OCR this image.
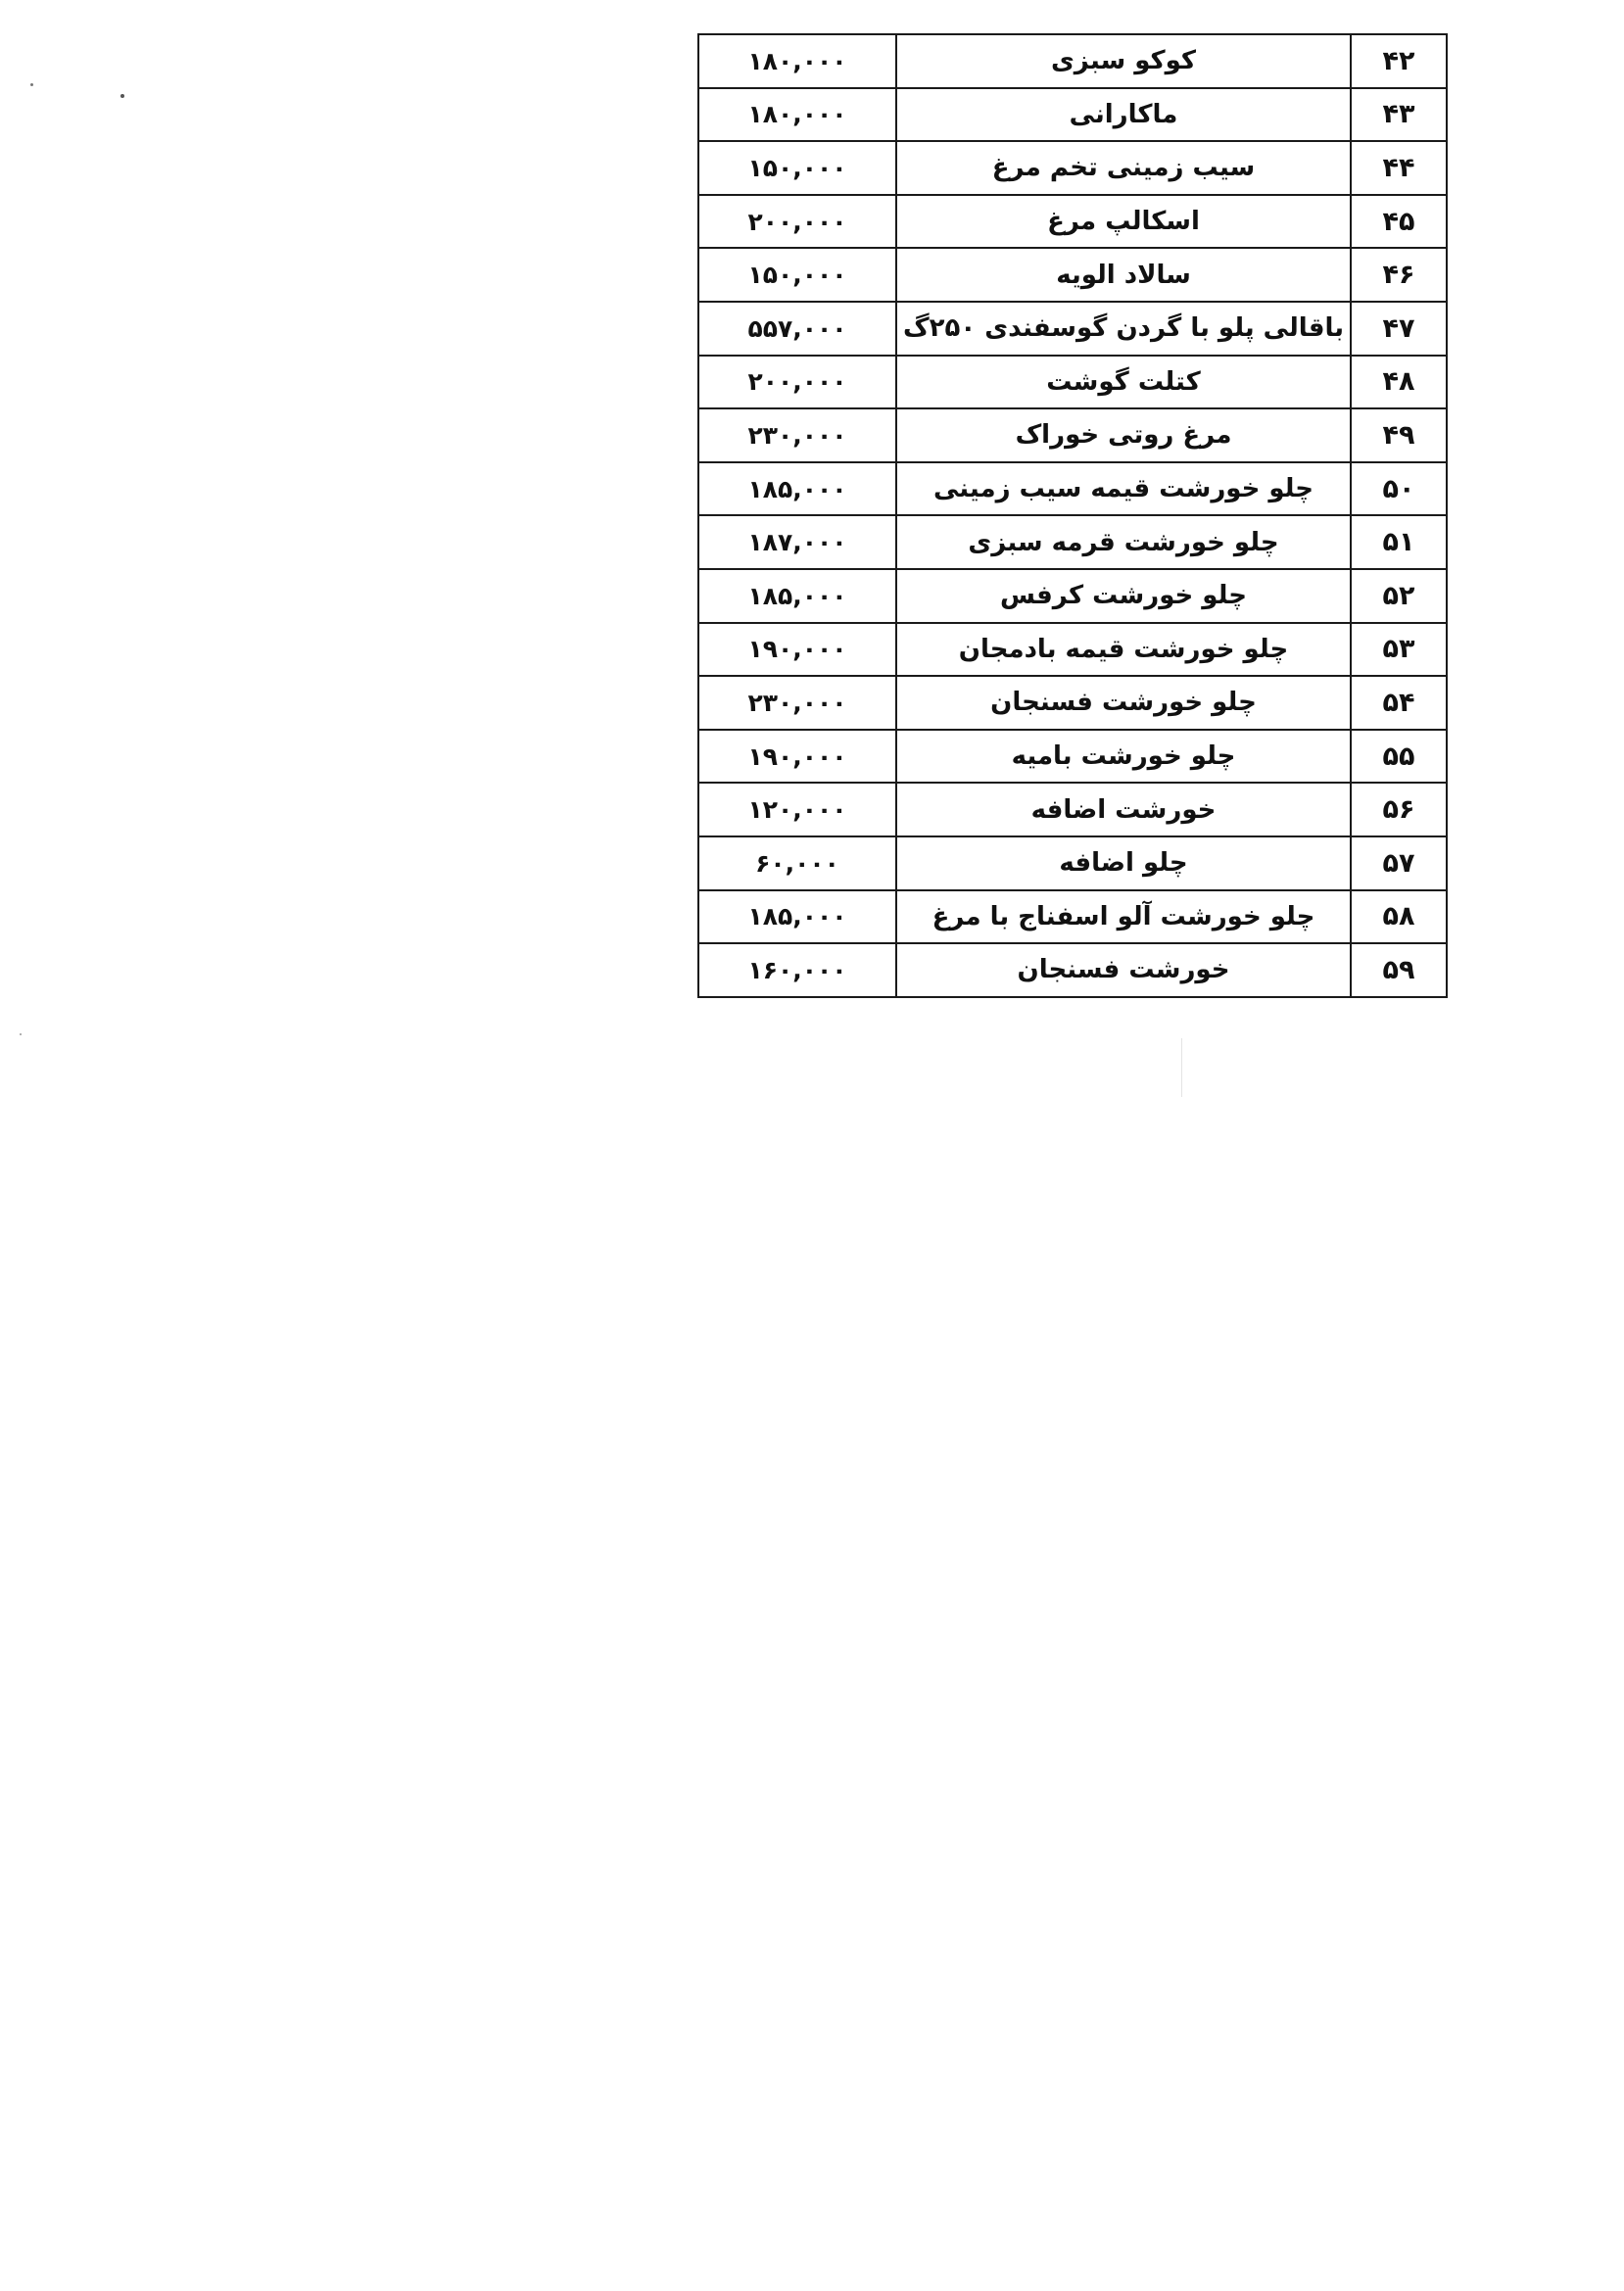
۴۲	کوکو سبزی	۱۸۰,۰۰۰
۴۳	ماکارانی	۱۸۰,۰۰۰
۴۴	سیب زمینی تخم مرغ	۱۵۰,۰۰۰
۴۵	اسکالپ مرغ	۲۰۰,۰۰۰
۴۶	سالاد الویه	۱۵۰,۰۰۰
۴۷	باقالی پلو با گردن گوسفندی ۲۵۰گ	۵۵۷,۰۰۰
۴۸	کتلت گوشت	۲۰۰,۰۰۰
۴۹	مرغ روتی خوراک	۲۳۰,۰۰۰
۵۰	چلو خورشت قیمه سیب زمینی	۱۸۵,۰۰۰
۵۱	چلو خورشت قرمه سبزی	۱۸۷,۰۰۰
۵۲	چلو خورشت کرفس	۱۸۵,۰۰۰
۵۳	چلو خورشت قیمه بادمجان	۱۹۰,۰۰۰
۵۴	چلو خورشت فسنجان	۲۳۰,۰۰۰
۵۵	چلو خورشت بامیه	۱۹۰,۰۰۰
۵۶	خورشت اضافه	۱۲۰,۰۰۰
۵۷	چلو اضافه	۶۰,۰۰۰
۵۸	چلو خورشت آلو اسفناج با مرغ	۱۸۵,۰۰۰
۵۹	خورشت فسنجان	۱۶۰,۰۰۰
